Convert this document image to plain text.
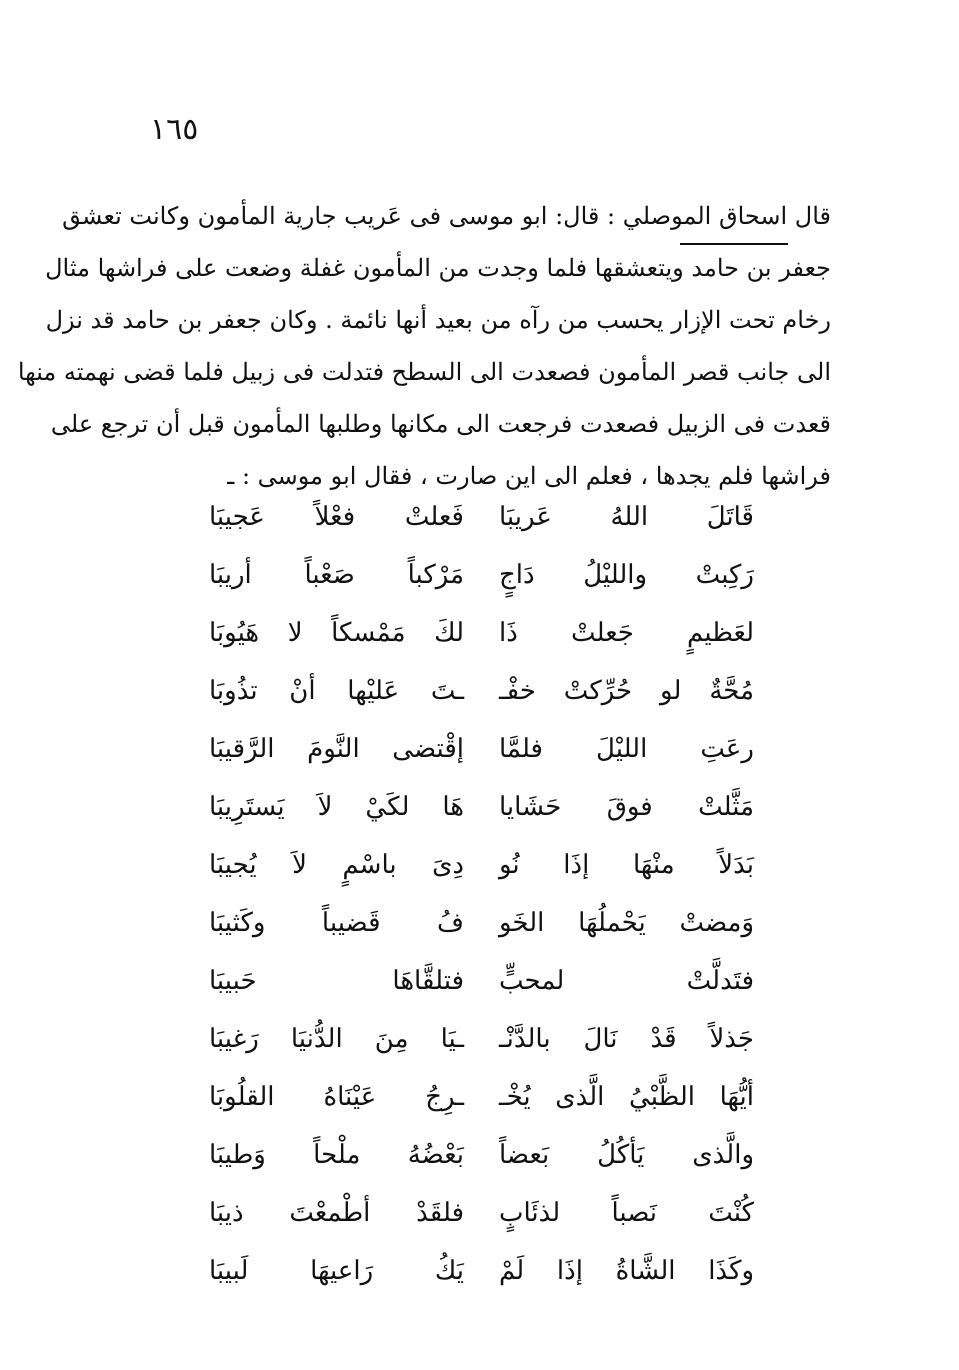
١٦٥
قال اسحاق الموصلي : قال: ابو موسى فى عَريب جارية المأمون وكانت تعشق
جعفر بن حامد ويتعشقها فلما وجدت من المأمون غفلة وضعت على فراشها مثال
رخام تحت الإزار يحسب من رآه من بعيد أنها نائمة . وكان جعفر بن حامد قد نزل
الى جانب قصر المأمون فصعدت الى السطح فتدلت فى زبيل فلما قضى نهمته منها
قعدت فى الزبيل فصعدت فرجعت الى مكانها وطلبها المأمون قبل أن ترجع على
فراشها فلم يجدها ، فعلم الى اين صارت ، فقال ابو موسى : ـ
قَاتَلَ اللهُ عَريبَا
فَعلتْ فعْلاً عَجيبَا
رَكِبتْ والليْلُ دَاجٍ
مَرْكباً صَعْباً أريبَا
لعَظيمٍ جَعلتْ ذَا
لكَ مَمْسكاً لا هَيُوبَا
مُحَّةٌ لو حُرِّكتْ خفْـ
ـتَ عَليْها أنْ تذُوبَا
رعَتِ الليْلَ فلمَّا
إقْتضى النَّومَ الرَّقيبَا
مَثَّلتْ فوقَ حَشَايا
هَا لكَيْ لاَ يَستَرِيبَا
بَدَلاً منْهَا إذَا نُو
دِىَ باسْمٍ لاَ يُجيبَا
وَمضتْ يَحْملُهَا الخَو
فُ قَضيباً وكَثيبَا
فتَدلَّتْ لمحبٍّ
فتلقَّاهَا حَبيبَا
جَذلاً قَدْ نَالَ بالدَّنْـ
ـيَا مِنَ الدُّنيَا رَغيبَا
أيُّهَا الظَّبْيُ الَّذى يُخْـ
ـرِجُ عَيْنَاهُ القلُوبَا
والَّذى يَأكُلُ بَعضاً
بَعْضُهُ ملْحاً وَطيبَا
كُنْتَ نَصباً لذئَابٍ
فلقَدْ أطْمعْتَ ذيبَا
وكَذَا الشَّاةُ إذَا لَمْ
يَكُ رَاعيهَا لَبيبَا
